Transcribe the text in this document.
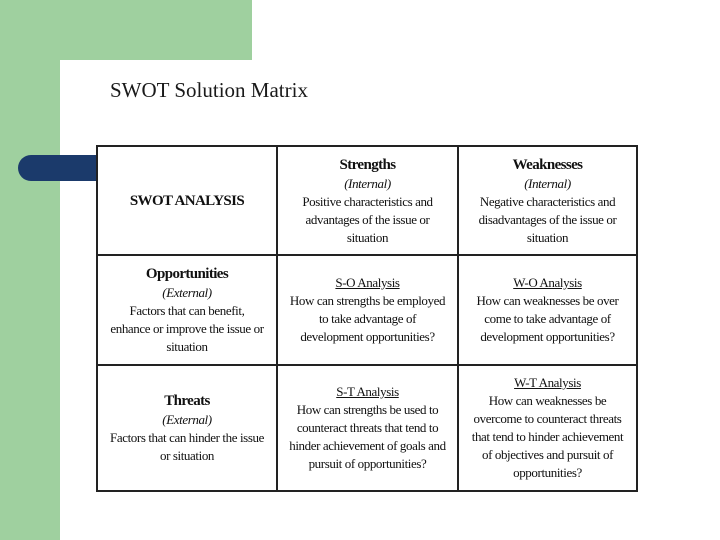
SWOT Solution Matrix
SWOT ANALYSIS
Strengths
(Internal)
Positive characteristics and
advantages of the issue or
situation
Weaknesses
(Internal)
Negative characteristics and
disadvantages of the issue or
situation
Opportunities
(External)
Factors that can benefit,
enhance or improve the issue or
situation
S-O Analysis
How can strengths be employed
to take advantage of
development opportunities?
W-O Analysis
How can weaknesses be over
come to take advantage of
development opportunities?
Threats
(External)
Factors that can hinder the issue
or situation
S-T Analysis
How can strengths be used to
counteract threats that tend to
hinder achievement of goals and
pursuit of opportunities?
W-T Analysis
How can weaknesses be
overcome to counteract threats
that tend to hinder achievement
of objectives and pursuit of
opportunities?
